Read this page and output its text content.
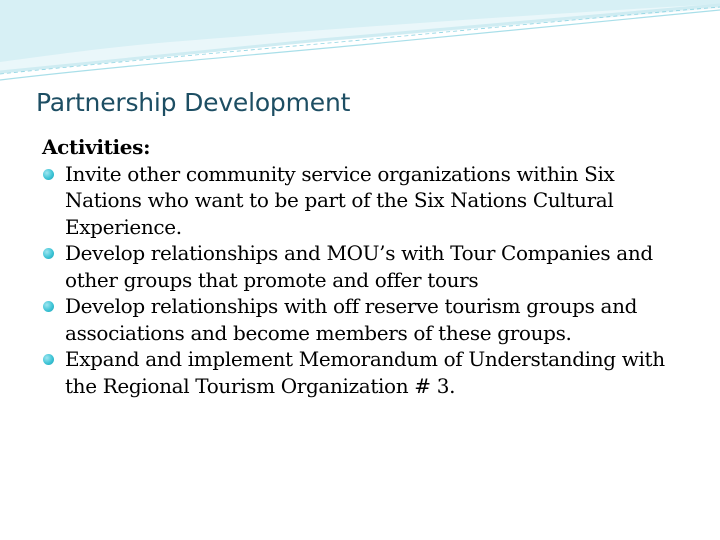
Partnership Development
Activities:
Invite other community service organizations within Six Nations who want to be part of the Six Nations Cultural Experience.
Develop relationships and MOU’s with Tour Companies and other groups that promote and offer tours
Develop relationships with off reserve tourism groups and associations and become members of these groups.
Expand and implement Memorandum of Understanding with the Regional Tourism Organization # 3.
